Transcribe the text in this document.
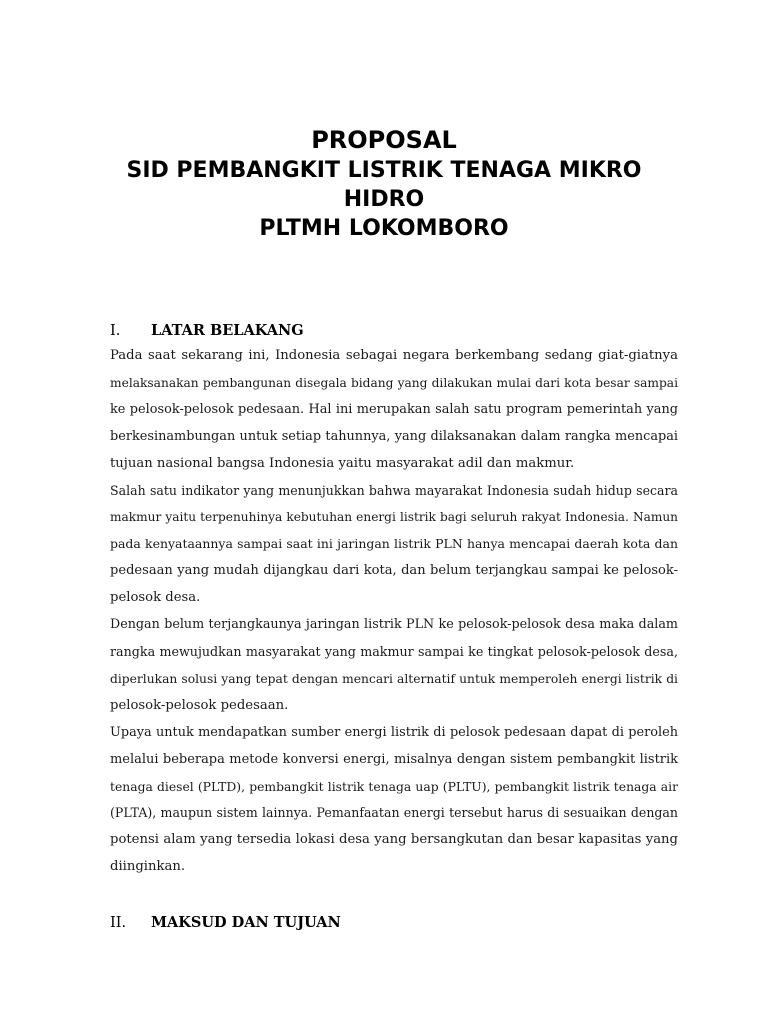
PROPOSAL
SID PEMBANGKIT LISTRIK TENAGA MIKRO
HIDRO
PLTMH LOKOMBORO
I. LATAR BELAKANG

Pada saat sekarang ini, Indonesia sebagai negara berkembang sedang giat-giatnya
melaksanakan pembangunan disegala bidang yang dilakukan mulai dari kota besar sampai
ke pelosok-pelosok pedesaan. Hal ini merupakan salah satu program pemerintah yang
berkesinambungan untuk setiap tahunnya, yang dilaksanakan dalam rangka mencapai
tujuan nasional bangsa Indonesia yaitu masyarakat adil dan makmur.

Salah satu indikator yang menunjukkan bahwa mayarakat Indonesia sudah hidup secara
makmur yaitu terpenuhinya kebutuhan energi listrik bagi seluruh rakyat Indonesia. Namun
pada kenyataannya sampai saat ini jaringan listrik PLN hanya mencapai daerah kota dan
pedesaan yang mudah dijangkau dari kota, dan belum terjangkau sampai ke pelosok-
pelosok desa.

Dengan belum terjangkaunya jaringan listrik PLN ke pelosok-pelosok desa maka dalam
rangka mewujudkan masyarakat yang makmur sampai ke tingkat pelosok-pelosok desa,
diperlukan solusi yang tepat dengan mencari alternatif untuk memperoleh energi listrik di
pelosok-pelosok pedesaan.

Upaya untuk mendapatkan sumber energi listrik di pelosok pedesaan dapat di peroleh
melalui beberapa metode konversi energi, misalnya dengan sistem pembangkit listrik
tenaga diesel (PLTD), pembangkit listrik tenaga uap (PLTU), pembangkit listrik tenaga air
(PLTA), maupun sistem lainnya. Pemanfaatan energi tersebut harus di sesuaikan dengan
potensi alam yang tersedia lokasi desa yang bersangkutan dan besar kapasitas yang
diinginkan.

II. MAKSUD DAN TUJUAN
